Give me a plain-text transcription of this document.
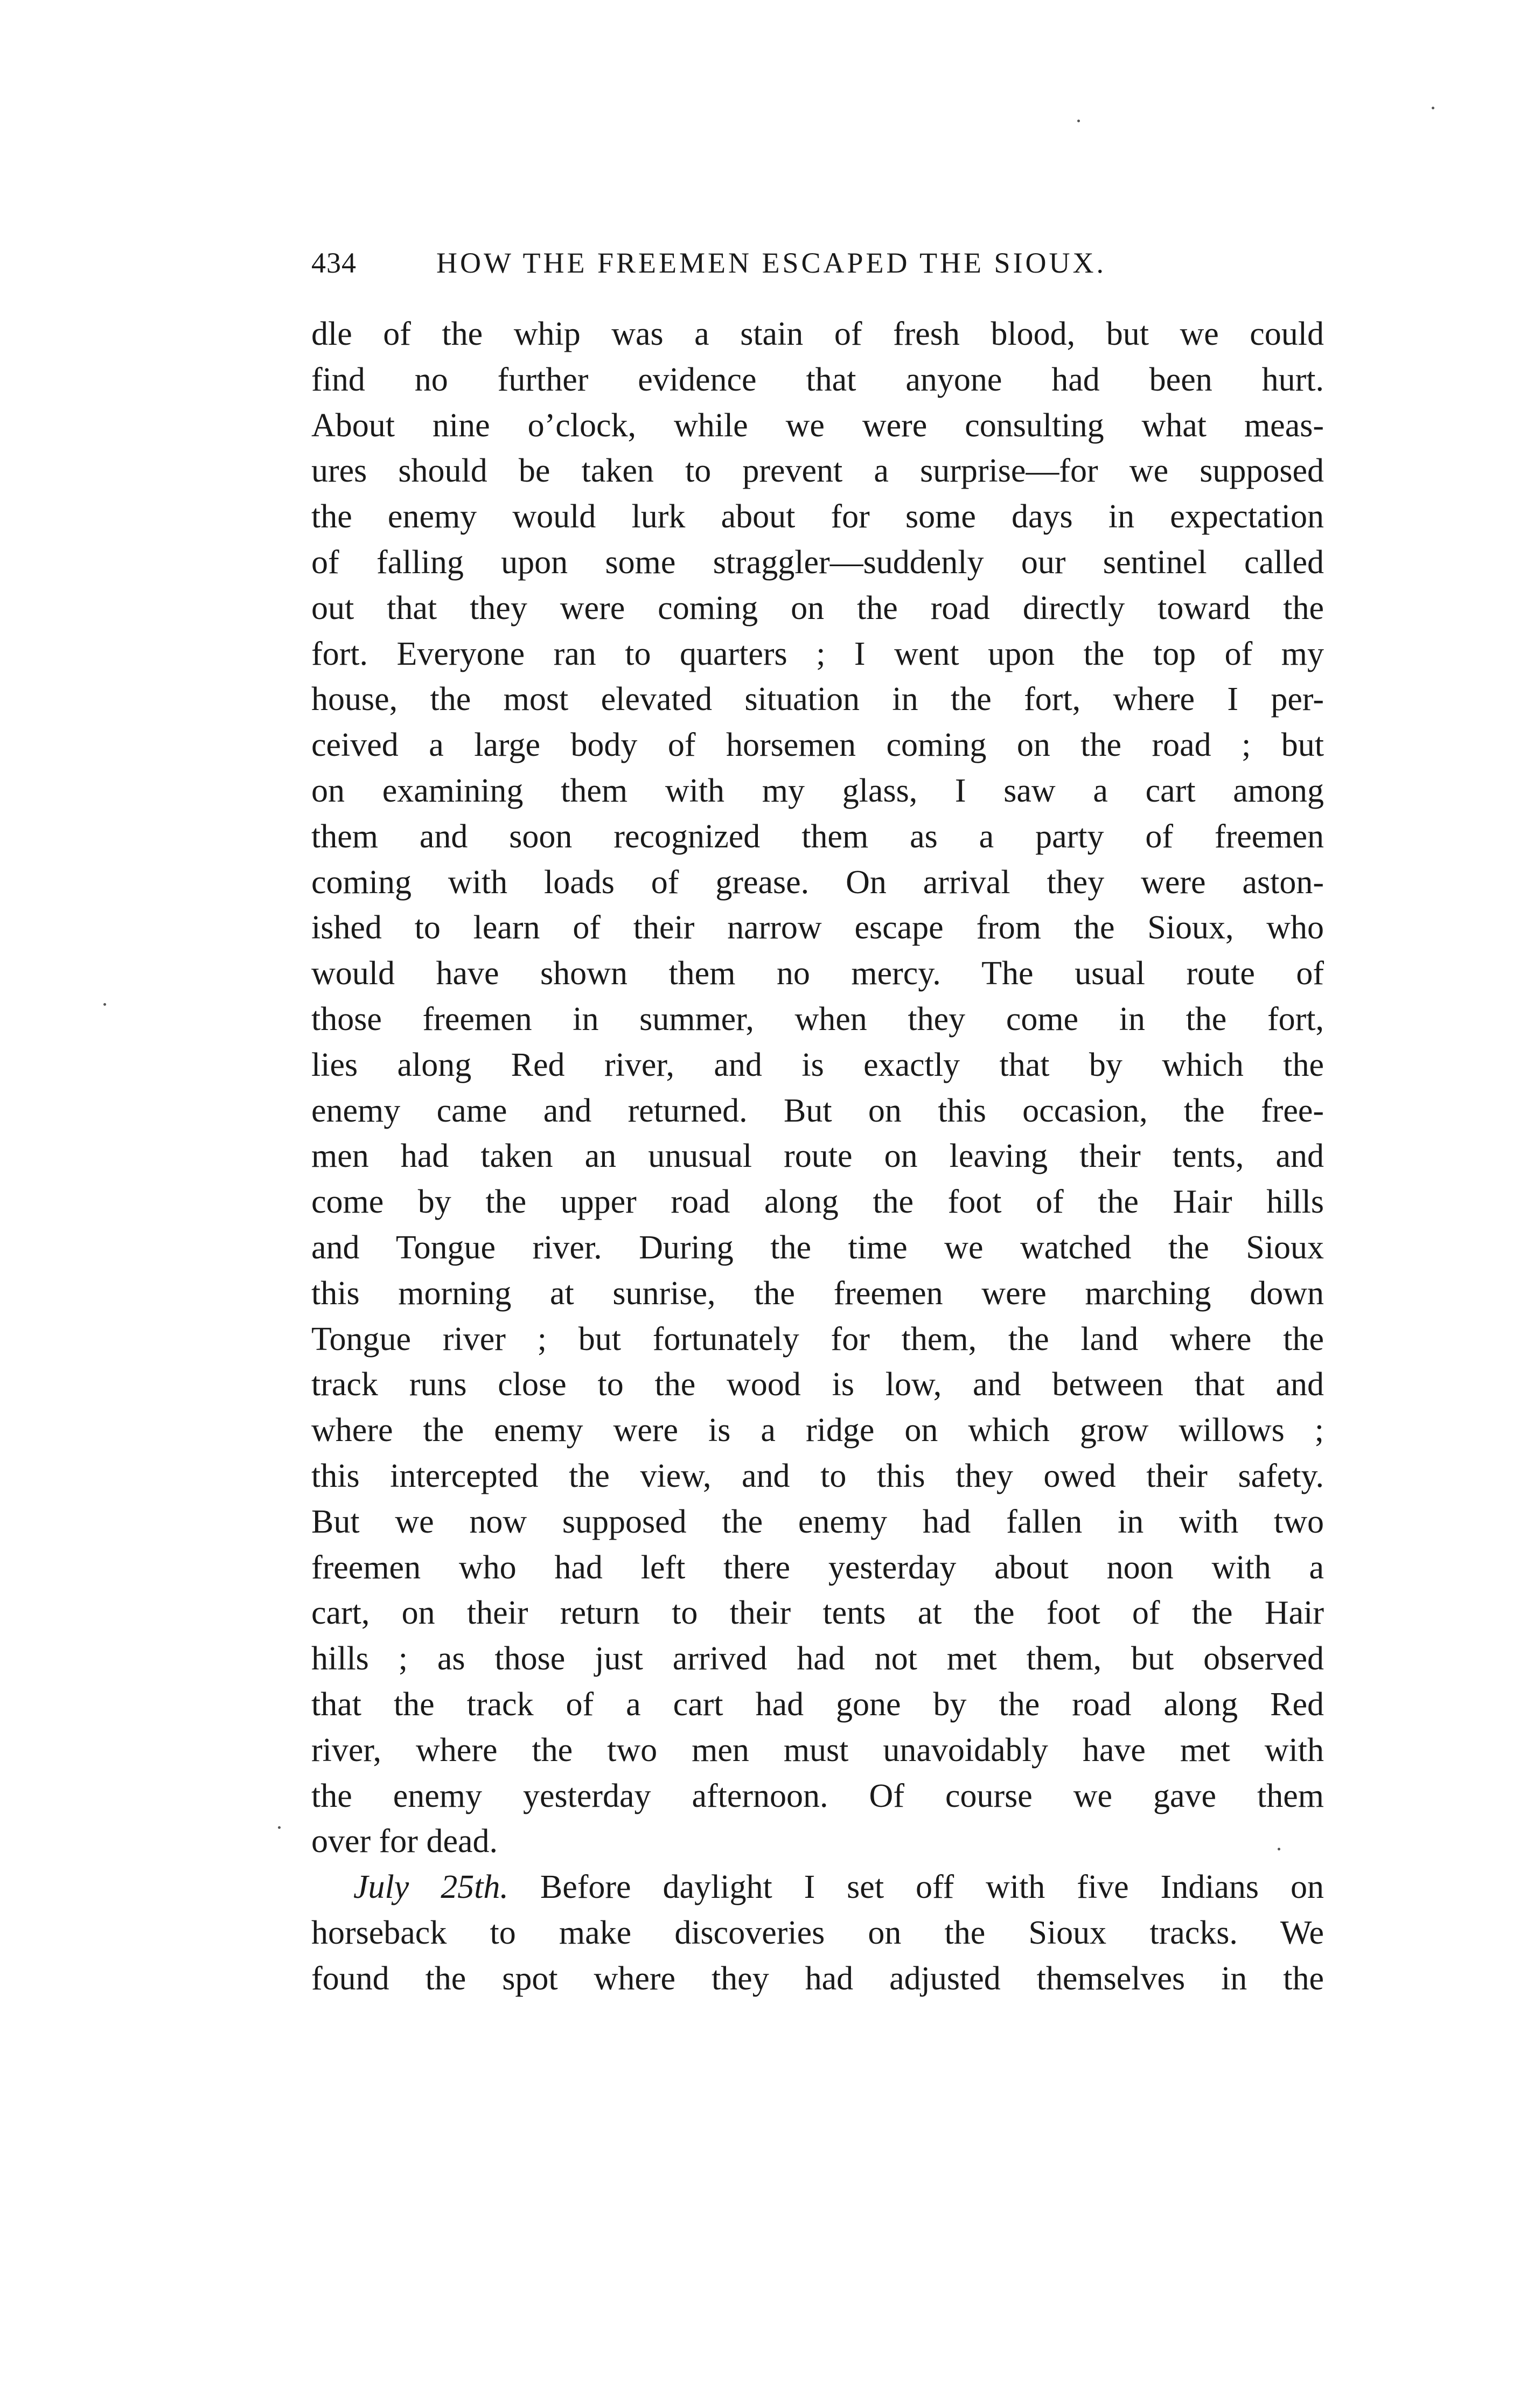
434	HOW THE FREEMEN ESCAPED THE SIOUX.
dle of the whip was a stain of fresh blood, but we could
find no further evidence that anyone had been hurt.
About nine o’clock, while we were consulting what meas-
ures should be taken to prevent a surprise—for we supposed
the enemy would lurk about for some days in expectation
of falling upon some straggler—suddenly our sentinel called
out that they were coming on the road directly toward the
fort. Everyone ran to quarters ; I went upon the top of my
house, the most elevated situation in the fort, where I per-
ceived a large body of horsemen coming on the road ; but
on examining them with my glass, I saw a cart among
them and soon recognized them as a party of freemen
coming with loads of grease. On arrival they were aston-
ished to learn of their narrow escape from the Sioux, who
would have shown them no mercy. The usual route of
those freemen in summer, when they come in the fort,
lies along Red river, and is exactly that by which the
enemy came and returned. But on this occasion, the free-
men had taken an unusual route on leaving their tents, and
come by the upper road along the foot of the Hair hills
and Tongue river. During the time we watched the Sioux
this morning at sunrise, the freemen were marching down
Tongue river ; but fortunately for them, the land where the
track runs close to the wood is low, and between that and
where the enemy were is a ridge on which grow willows ;
this intercepted the view, and to this they owed their safety.
But we now supposed the enemy had fallen in with two
freemen who had left there yesterday about noon with a
cart, on their return to their tents at the foot of the Hair
hills ; as those just arrived had not met them, but observed
that the track of a cart had gone by the road along Red
river, where the two men must unavoidably have met with
the enemy yesterday afternoon. Of course we gave them
over for dead.
July 25th. Before daylight I set off with five Indians on
horseback to make discoveries on the Sioux tracks. We
found the spot where they had adjusted themselves in the
